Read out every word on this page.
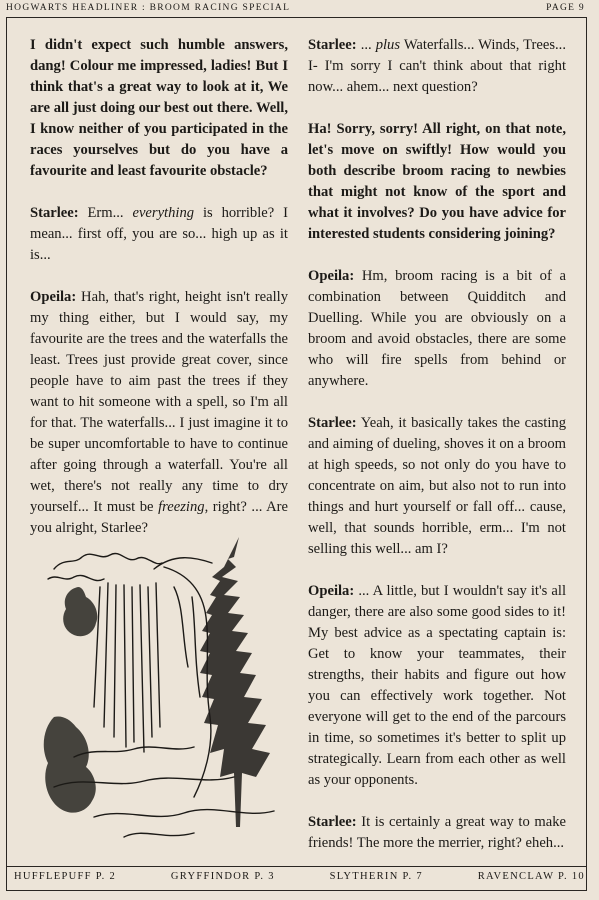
HOGWARTS HEADLINER : BROOM RACING SPECIAL	PAGE 9

I didn't expect such humble answers, dang! Colour me impressed, ladies! But I think that's a great way to look at it, We are all just doing our best out there. Well, I know neither of you participated in the races yourselves but do you have a favourite and least favourite obstacle?

Starlee: Erm... everything is horrible? I mean... first off, you are so... high up as it is...

Opeila: Hah, that's right, height isn't really my thing either, but I would say, my favourite are the trees and the waterfalls the least. Trees just provide great cover, since people have to aim past the trees if they want to hit someone with a spell, so I'm all for that. The waterfalls... I just imagine it to be super uncomfortable to have to continue after going through a waterfall. You're all wet, there's not really any time to dry yourself... It must be freezing, right? ... Are you alright, Starlee?

Starlee: ... plus Waterfalls... Winds, Trees... I- I'm sorry I can't think about that right now... ahem... next question?

Ha! Sorry, sorry! All right, on that note, let's move on swiftly! How would you both describe broom racing to newbies that might not know of the sport and what it involves? Do you have advice for interested students considering joining?

Opeila: Hm, broom racing is a bit of a combination between Quidditch and Duelling. While you are obviously on a broom and avoid obstacles, there are some who will fire spells from behind or anywhere.

Starlee: Yeah, it basically takes the casting and aiming of dueling, shoves it on a broom at high speeds, so not only do you have to concentrate on aim, but also not to run into things and hurt yourself or fall off... cause, well, that sounds horrible, erm... I'm not selling this well... am I?

Opeila: ... A little, but I wouldn't say it's all danger, there are also some good sides to it! My best advice as a spectating captain is: Get to know your teammates, their strengths, their habits and figure out how you can effectively work together. Not everyone will get to the end of the parcours in time, so sometimes it's better to split up strategically. Learn from each other as well as your opponents.

Starlee: It is certainly a great way to make friends! The more the merrier, right? eheh...

HUFFLEPUFF P. 2	GRYFFINDOR P. 3	SLYTHERIN P. 7	RAVENCLAW P. 10
